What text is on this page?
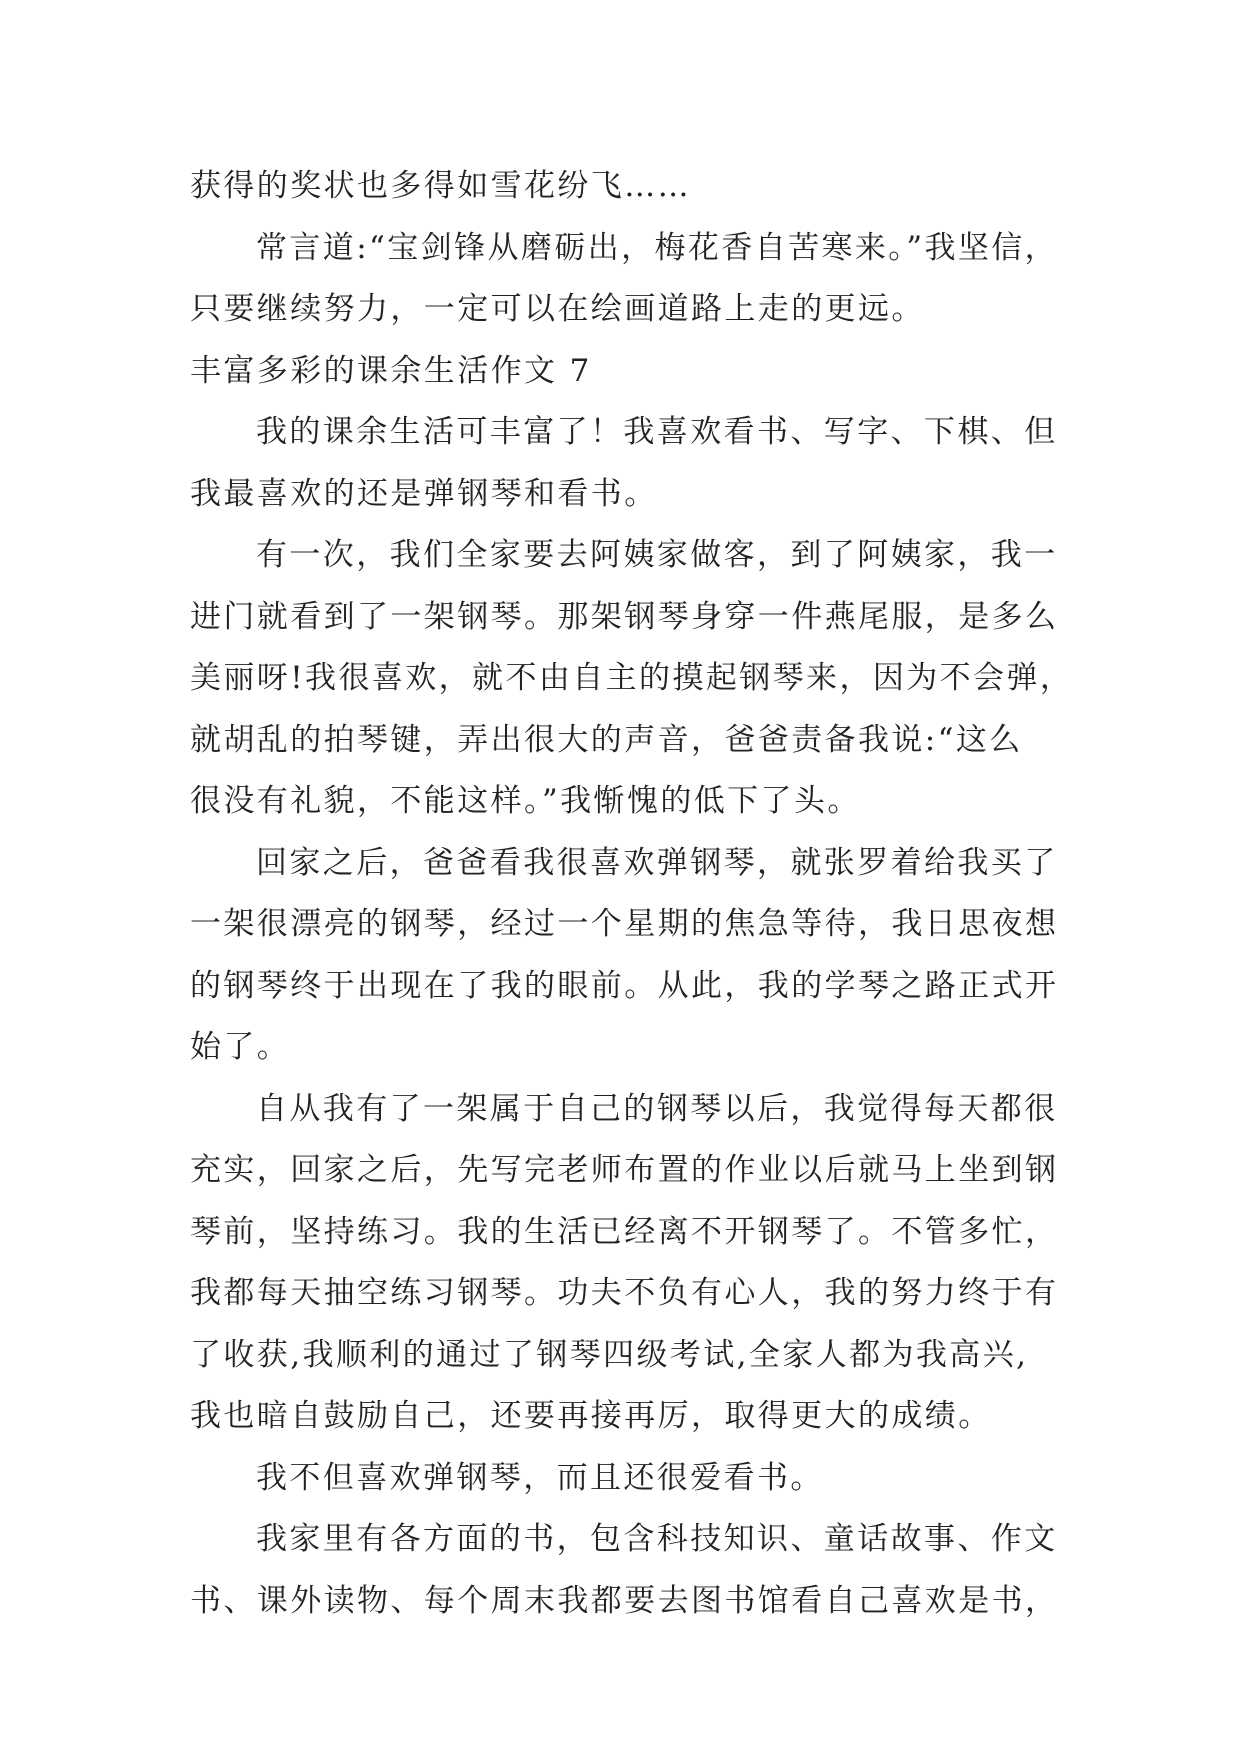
获得的奖状也多得如雪花纷飞……
常言道:“宝剑锋从磨砺出，梅花香自苦寒来。”我坚信，
只要继续努力，一定可以在绘画道路上走的更远。
丰富多彩的课余生活作文 7
我的课余生活可丰富了！我喜欢看书、写字、下棋、但
我最喜欢的还是弹钢琴和看书。
有一次，我们全家要去阿姨家做客，到了阿姨家，我一
进门就看到了一架钢琴。那架钢琴身穿一件燕尾服，是多么
美丽呀!我很喜欢，就不由自主的摸起钢琴来，因为不会弹，
就胡乱的拍琴键，弄出很大的声音，爸爸责备我说:“这么
很没有礼貌，不能这样。”我惭愧的低下了头。
回家之后，爸爸看我很喜欢弹钢琴，就张罗着给我买了
一架很漂亮的钢琴，经过一个星期的焦急等待，我日思夜想
的钢琴终于出现在了我的眼前。从此，我的学琴之路正式开
始了。
自从我有了一架属于自己的钢琴以后，我觉得每天都很
充实，回家之后，先写完老师布置的作业以后就马上坐到钢
琴前，坚持练习。我的生活已经离不开钢琴了。不管多忙，
我都每天抽空练习钢琴。功夫不负有心人，我的努力终于有
了收获,我顺利的通过了钢琴四级考试,全家人都为我高兴,
我也暗自鼓励自己，还要再接再厉，取得更大的成绩。
我不但喜欢弹钢琴，而且还很爱看书。
我家里有各方面的书，包含科技知识、童话故事、作文
书、课外读物、每个周末我都要去图书馆看自己喜欢是书，
